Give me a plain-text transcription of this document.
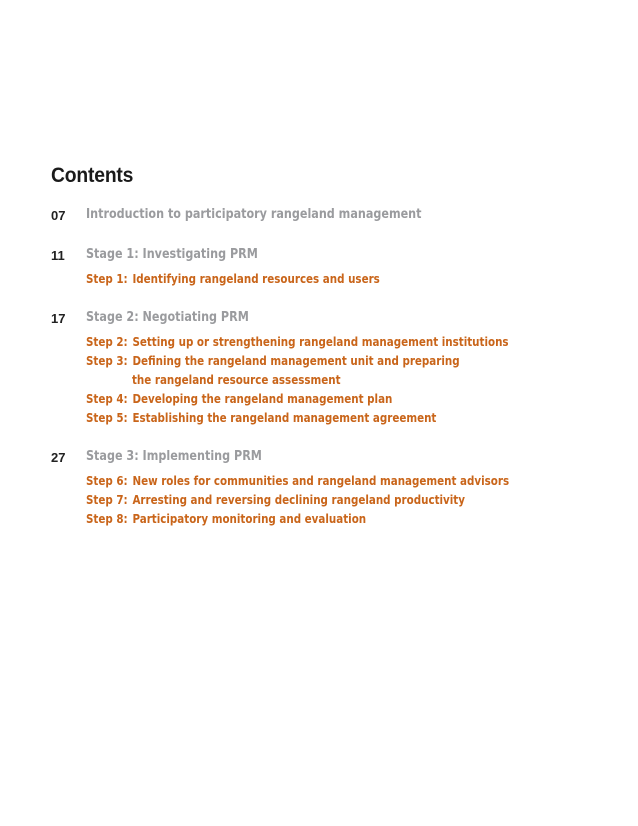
Contents
07 Introduction to participatory rangeland management
11 Stage 1: Investigating PRM
Step 1: Identifying rangeland resources and users
17 Stage 2: Negotiating PRM
Step 2: Setting up or strengthening rangeland management institutions
Step 3: Defining the rangeland management unit and preparing
the rangeland resource assessment
Step 4: Developing the rangeland management plan
Step 5: Establishing the rangeland management agreement
27 Stage 3: Implementing PRM
Step 6: New roles for communities and rangeland management advisors
Step 7: Arresting and reversing declining rangeland productivity
Step 8: Participatory monitoring and evaluation
